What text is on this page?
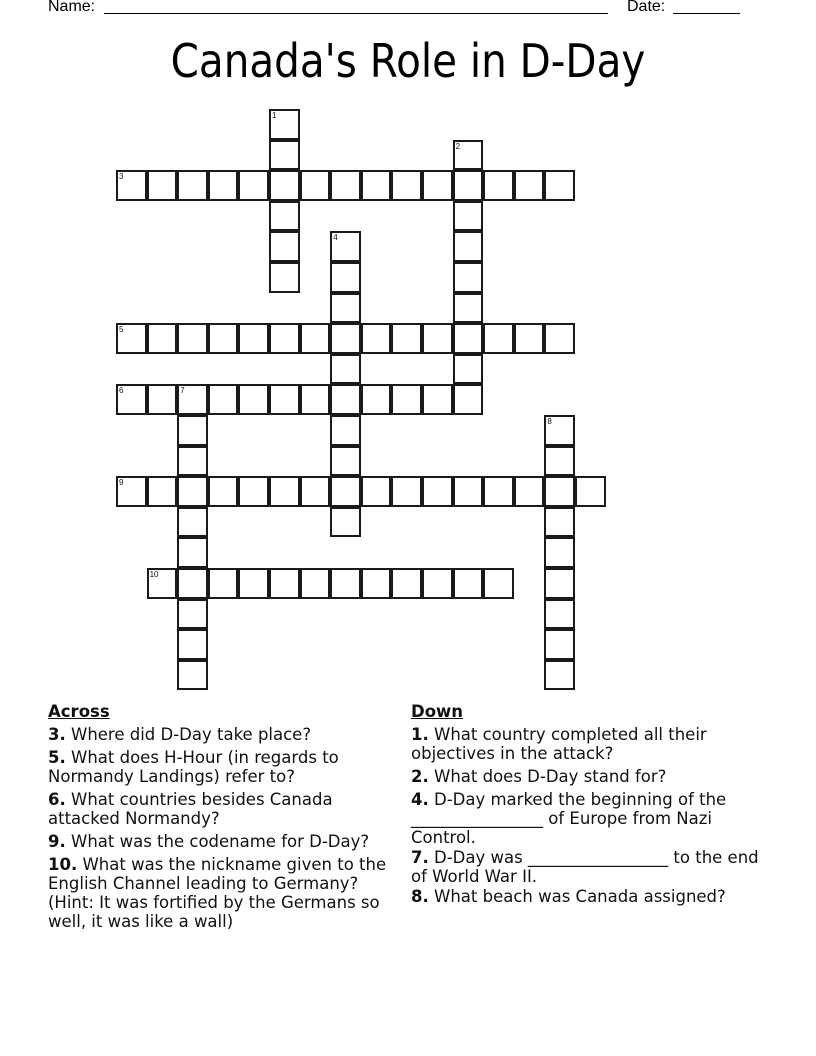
Name:	Date:
Canada's Role in D-Day
1
2
3
4
5
6	7
8
9
10
Across
3. Where did D-Day take place?
5. What does H-Hour (in regards to Normandy Landings) refer to?
6. What countries besides Canada attacked Normandy?
9. What was the codename for D-Day?
10. What was the nickname given to the English Channel leading to Germany? (Hint: It was fortified by the Germans so well, it was like a wall)
Down
1. What country completed all their objectives in the attack?
2. What does D-Day stand for?
4. D-Day marked the beginning of the ________________ of Europe from Nazi Control.
7. D-Day was _________________ to the end of World War II.
8. What beach was Canada assigned?
